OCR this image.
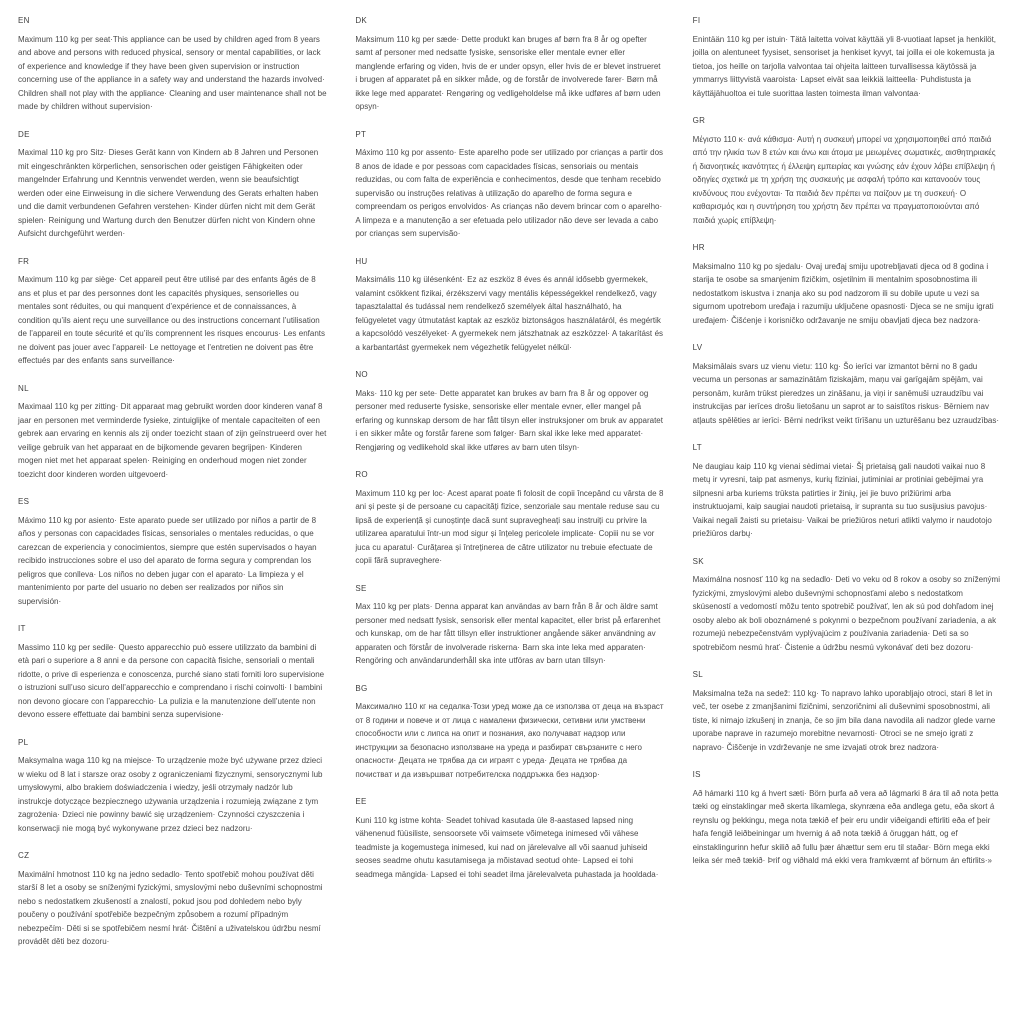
EN

Maximum 110 kg per seat·This appliance can be used by children aged from 8 years and above and persons with reduced physical, sensory or mental capabilities, or lack of experience and knowledge if they have been given supervision or instruction concerning use of the appliance in a safety way and understand the hazards involved· Children shall not play with the appliance· Cleaning and user maintenance shall not be made by children without supervision·

DE

Maximal 110 kg pro Sitz· Dieses Gerät kann von Kindern ab 8 Jahren und Personen mit eingeschränkten körperlichen, sensorischen oder geistigen Fähigkeiten oder mangelnder Erfahrung und Kenntnis verwendet werden, wenn sie beaufsichtigt werden oder eine Einweisung in die sichere Verwendung des Gerats erhalten haben und die damit verbundenen Gefahren verstehen· Kinder dürfen nicht mit dem Gerät spielen· Reinigung und Wartung durch den Benutzer dürfen nicht von Kindern ohne Aufsicht durchgeführt werden·

FR

Maximum 110 kg par siège· Cet appareil peut être utilisé par des enfants âgés de 8 ans et plus et par des personnes dont les capacités physiques, sensorielles ou mentales sont réduites, ou qui manquent d’expérience et de connaissances, à condition qu’ils aient reçu une surveillance ou des instructions concernant l’utilisation de l’appareil en toute sécurité et qu’ils comprennent les risques encourus· Les enfants ne doivent pas jouer avec l’appareil· Le nettoyage et l’entretien ne doivent pas être effectués par des enfants sans surveillance·

NL

Maximaal 110 kg per zitting· Dit apparaat mag gebruikt worden door kinderen vanaf 8 jaar en personen met verminderde fysieke, zintuiglijke of mentale capaciteiten of een gebrek aan ervaring en kennis als zij onder toezicht staan of zijn geïnstrueerd over het veilige gebruik van het apparaat en de bijkomende gevaren begrijpen· Kinderen mogen niet met het apparaat spelen· Reiniging en onderhoud mogen niet zonder toezicht door kinderen worden uitgevoerd·

ES

Máximo 110 kg por asiento· Este aparato puede ser utilizado por niños a partir de 8 años y personas con capacidades físicas, sensoriales o mentales reducidas, o que carezcan de experiencia y conocimientos, siempre que estén supervisados o hayan recibido instrucciones sobre el uso del aparato de forma segura y comprendan los peligros que conlleva· Los niños no deben jugar con el aparato· La limpieza y el mantenimiento por parte del usuario no deben ser realizados por niños sin supervisión·

IT

Massimo 110 kg per sedile· Questo apparecchio può essere utilizzato da bambini di età pari o superiore a 8 anni e da persone con capacità fisiche, sensoriali o mentali ridotte, o prive di esperienza e conoscenza, purché siano stati forniti loro supervisione o istruzioni sull’uso sicuro dell’apparecchio e comprendano i rischi coinvolti· I bambini non devono giocare con l’apparecchio· La pulizia e la manutenzione dell’utente non devono essere effettuate dai bambini senza supervisione·

PL

Maksymalna waga 110 kg na miejsce· To urządzenie może być używane przez dzieci w wieku od 8 lat i starsze oraz osoby z ograniczeniami fizycznymi, sensorycznymi lub umysłowymi, albo brakiem doświadczenia i wiedzy, jeśli otrzymały nadzór lub instrukcje dotyczące bezpiecznego używania urządzenia i rozumieją związane z tym zagrożenia· Dzieci nie powinny bawić się urządzeniem· Czynności czyszczenia i konserwacji nie mogą być wykonywane przez dzieci bez nadzoru·

CZ

Maximální hmotnost 110 kg na jedno sedadlo· Tento spotřebič mohou používat děti starší 8 let a osoby se sníženými fyzickými, smyslovými nebo duševními schopnostmi nebo s nedostatkem zkušeností a znalostí, pokud jsou pod dohledem nebo byly poučeny o používání spotřebiče bezpečným způsobem a rozumí případným nebezpečím· Děti si se spotřebičem nesmí hrát· Čištění a uživatelskou údržbu nesmí provádět děti bez dozoru·

DK

Maksimum 110 kg per sæde· Dette produkt kan bruges af børn fra 8 år og opefter samt af personer med nedsatte fysiske, sensoriske eller mentale evner eller manglende erfaring og viden, hvis de er under opsyn, eller hvis de er blevet instrueret i brugen af apparatet på en sikker måde, og de forstår de involverede farer· Børn må ikke lege med apparatet· Rengøring og vedligeholdelse må ikke udføres af børn uden opsyn·

PT

Máximo 110 kg por assento· Este aparelho pode ser utilizado por crianças a partir dos 8 anos de idade e por pessoas com capacidades físicas, sensoriais ou mentais reduzidas, ou com falta de experiência e conhecimentos, desde que tenham recebido supervisão ou instruções relativas à utilização do aparelho de forma segura e compreendam os perigos envolvidos· As crianças não devem brincar com o aparelho· A limpeza e a manutenção a ser efetuada pelo utilizador não deve ser levada a cabo por crianças sem supervisão·

HU

Maksimális 110 kg ülésenként· Ez az eszköz 8 éves és annál idősebb gyermekek, valamint csökkent fizikai, érzékszervi vagy mentális képességekkel rendelkező, vagy tapasztalattal és tudással nem rendelkező személyek által használható, ha felügyeletet vagy útmutatást kaptak az eszköz biztonságos használatáról, és megértik a kapcsolódó veszélyeket· A gyermekek nem játszhatnak az eszközzel· A takarítást és a karbantartást gyermekek nem végezhetik felügyelet nélkül·

NO

Maks· 110 kg per sete· Dette apparatet kan brukes av barn fra 8 år og oppover og personer med reduserte fysiske, sensoriske eller mentale evner, eller mangel på erfaring og kunnskap dersom de har fått tilsyn eller instruksjoner om bruk av apparatet i en sikker måte og forstår farene som følger· Barn skal ikke leke med apparatet· Rengjøring og vedlikehold skal ikke utføres av barn uten tilsyn·

RO

Maximum 110 kg per loc· Acest aparat poate fi folosit de copii începând cu vârsta de 8 ani și peste și de persoane cu capacități fizice, senzoriale sau mentale reduse sau cu lipsă de experiență și cunoștințe dacă sunt supravegheați sau instruiți cu privire la utilizarea aparatului într-un mod sigur și înțeleg pericolele implicate· Copiii nu se vor juca cu aparatul· Curățarea și întreținerea de către utilizator nu trebuie efectuate de copii fără supraveghere·

SE

Max 110 kg per plats· Denna apparat kan användas av barn från 8 år och äldre samt personer med nedsatt fysisk, sensorisk eller mental kapacitet, eller brist på erfarenhet och kunskap, om de har fått tillsyn eller instruktioner angående säker användning av apparaten och förstår de involverade riskerna· Barn ska inte leka med apparaten· Rengöring och användarunderhåll ska inte utföras av barn utan tillsyn·

BG

Максимално 110 кг на седалка·Този уред може да се използва от деца на възраст от 8 години и повече и от лица с намалени физически, сетивни или умствени способности или с липса на опит и познания, ако получават надзор или инструкции за безопасно използване на уреда и разбират свързаните с него опасности· Децата не трябва да си играят с уреда· Децата не трябва да почистват и да извършват потребителска поддръжка без надзор·

EE

Kuni 110 kg istme kohta· Seadet tohivad kasutada üle 8-aastased lapsed ning vähenenud füüsiliste, sensoorsete või vaimsete võimetega inimesed või vähese teadmiste ja kogemustega inimesed, kui nad on järelevalve all või saanud juhiseid seoses seadme ohutu kasutamisega ja mõistavad seotud ohte· Lapsed ei tohi seadmega mängida· Lapsed ei tohi seadet ilma järelevalveta puhastada ja hooldada·

FI

Enintään 110 kg per istuin· Tätä laitetta voivat käyttää yli 8-vuotiaat lapset ja henkilöt, joilla on alentuneet fyysiset, sensoriset ja henkiset kyvyt, tai joilla ei ole kokemusta ja tietoa, jos heille on tarjolla valvontaa tai ohjeita laitteen turvallisessa käytössä ja ymmarrys liittyvistä vaaroista· Lapset eivät saa leikkiä laitteella· Puhdistusta ja käyttäjähuoltoa ei tule suorittaa lasten toimesta ilman valvontaa·

GR

Μέγιστο 110 κ· ανά κάθισμα· Αυτή η συσκευή μπορεί να χρησιμοποιηθεί από παιδιά από την ηλικία των 8 ετών και άνω και άτομα με μειωμένες σωματικές, αισθητηριακές ή διανοητικές ικανότητες ή έλλειψη εμπειρίας και γνώσης εάν έχουν λάβει επίβλεψη ή οδηγίες σχετικά με τη χρήση της συσκευής με ασφαλή τρόπο και κατανοούν τους κινδύνους που ενέχονται· Τα παιδιά δεν πρέπει να παίζουν με τη συσκευή· Ο καθαρισμός και η συντήρηση του χρήστη δεν πρέπει να πραγματοποιούνται από παιδιά χωρίς επίβλεψη·

HR

Maksimalno 110 kg po sjedalu· Ovaj uređaj smiju upotrebljavati djeca od 8 godina i starija te osobe sa smanjenim fizičkim, osjetilnim ili mentalnim sposobnostima ili nedostatkom iskustva i znanja ako su pod nadzorom ili su dobile upute u vezi sa sigurnom upotrebom uređaja i razumiju uključene opasnosti· Djeca se ne smiju igrati uređajem· Čišćenje i korisničko održavanje ne smiju obavljati djeca bez nadzora·

LV

Maksimālais svars uz vienu vietu: 110 kg· Šo ierīci var izmantot bērni no 8 gadu vecuma un personas ar samazinātām fiziskajām, maņu vai garīgajām spējām, vai personām, kurām trūkst pieredzes un zināšanu, ja viņi ir sanēmuši uzraudzību vai instrukcijas par ierīces drošu lietošanu un saprot ar to saistītos riskus· Bērniem nav atļauts spēlēties ar ierīci· Bērni nedrīkst veikt tīrīšanu un uzturēšanu bez uzraudzības·

LT

Ne daugiau kaip 110 kg vienai sėdimai vietai· Šį prietaisą gali naudoti vaikai nuo 8 metų ir vyresni, taip pat asmenys, kurių fiziniai, jutiminiai ar protiniai gebėjimai yra silpnesni arba kuriems trūksta patirties ir žinių, jei jie buvo prižiūrimi arba instruktuojami, kaip saugiai naudoti prietaisą, ir supranta su tuo susijusius pavojus· Vaikai negali žaisti su prietaisu· Vaikai be priežiūros neturi atlikti valymo ir naudotojo priežiūros darbų·

SK

Maximálna nosnosť 110 kg na sedadlo· Deti vo veku od 8 rokov a osoby so zníženými fyzickými, zmyslovými alebo duševnými schopnosťami alebo s nedostatkom skúseností a vedomostí môžu tento spotrebič používať, len ak sú pod dohľadom inej osoby alebo ak boli oboznámené s pokynmi o bezpečnom používaní zariadenia, a ak rozumejú nebezpečenstvám vyplývajúcim z používania zariadenia· Deti sa so spotrebičom nesmú hrať· Čistenie a údržbu nesmú vykonávať deti bez dozoru·

SL

Maksimalna teža na sedež: 110 kg· To napravo lahko uporabljajo otroci, stari 8 let in več, ter osebe z zmanjšanimi fizičnimi, senzoričnimi ali duševnimi sposobnostmi, ali tiste, ki nimajo izkušenj in znanja, če so jim bila dana navodila ali nadzor glede varne uporabe naprave in razumejo morebitne nevarnosti· Otroci se ne smejo igrati z napravo· Čiščenje in vzdrževanje ne sme izvajati otrok brez nadzora·

IS

Að hámarki 110 kg á hvert sæti· Börn þurfa að vera að lágmarki 8 ára til að nota þetta tæki og einstaklingar með skerta líkamlega, skynræna eða andlega getu, eða skort á reynslu og þekkingu, mega nota tækið ef þeir eru undir viðeigandi eftirliti eða ef þeir hafa fengið leiðbeiningar um hvernig á að nota tækið á öruggan hátt, og ef einstaklingurinn hefur skilið að fullu þær áhættur sem eru til staðar· Börn mega ekki leika sér með tækið· Þrif og viðhald má ekki vera framkvæmt af börnum án eftirlits·»
